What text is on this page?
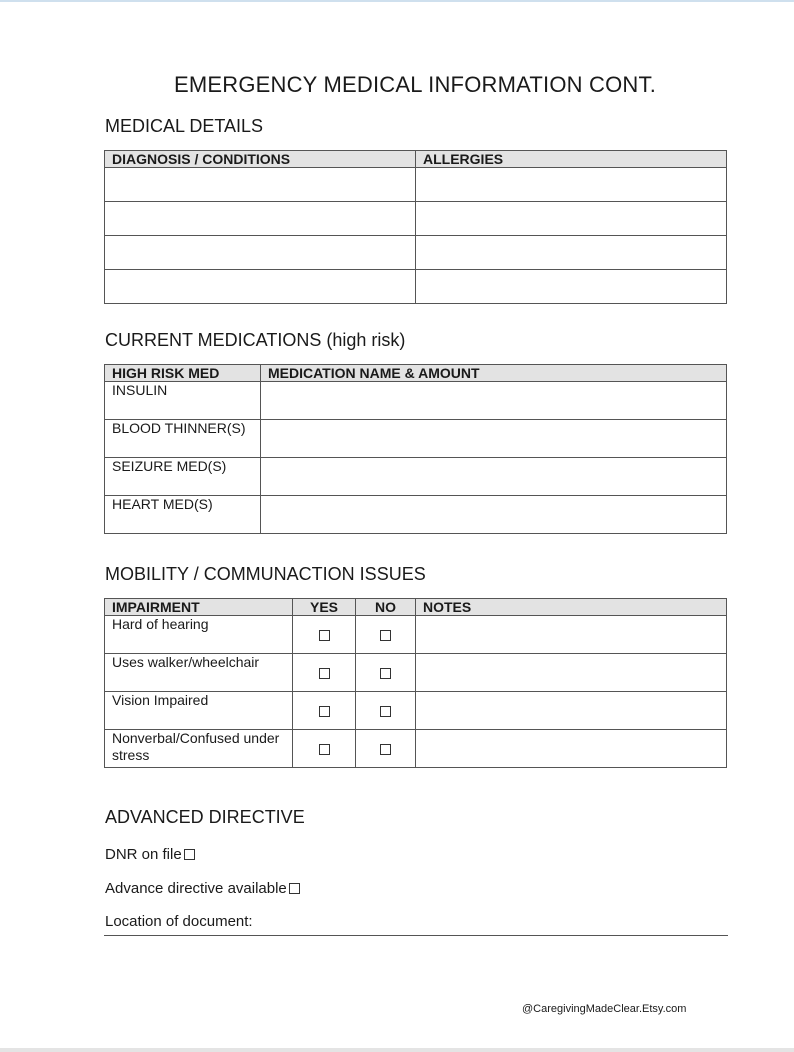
EMERGENCY MEDICAL INFORMATION CONT.
MEDICAL DETAILS
DIAGNOSIS / CONDITIONS	ALLERGIES

CURRENT MEDICATIONS (high risk)
HIGH RISK MED	MEDICATION NAME & AMOUNT
INSULIN	
BLOOD THINNER(S)	
SEIZURE MED(S)	
HEART MED(S)	
MOBILITY / COMMUNACTION ISSUES
IMPAIRMENT	YES	NO	NOTES
Hard of hearing			
Uses walker/wheelchair			
Vision Impaired			
Nonverbal/Confused under stress			
ADVANCED DIRECTIVE
DNR on file
Advance directive available
Location of document:
@CaregivingMadeClear.Etsy.com
